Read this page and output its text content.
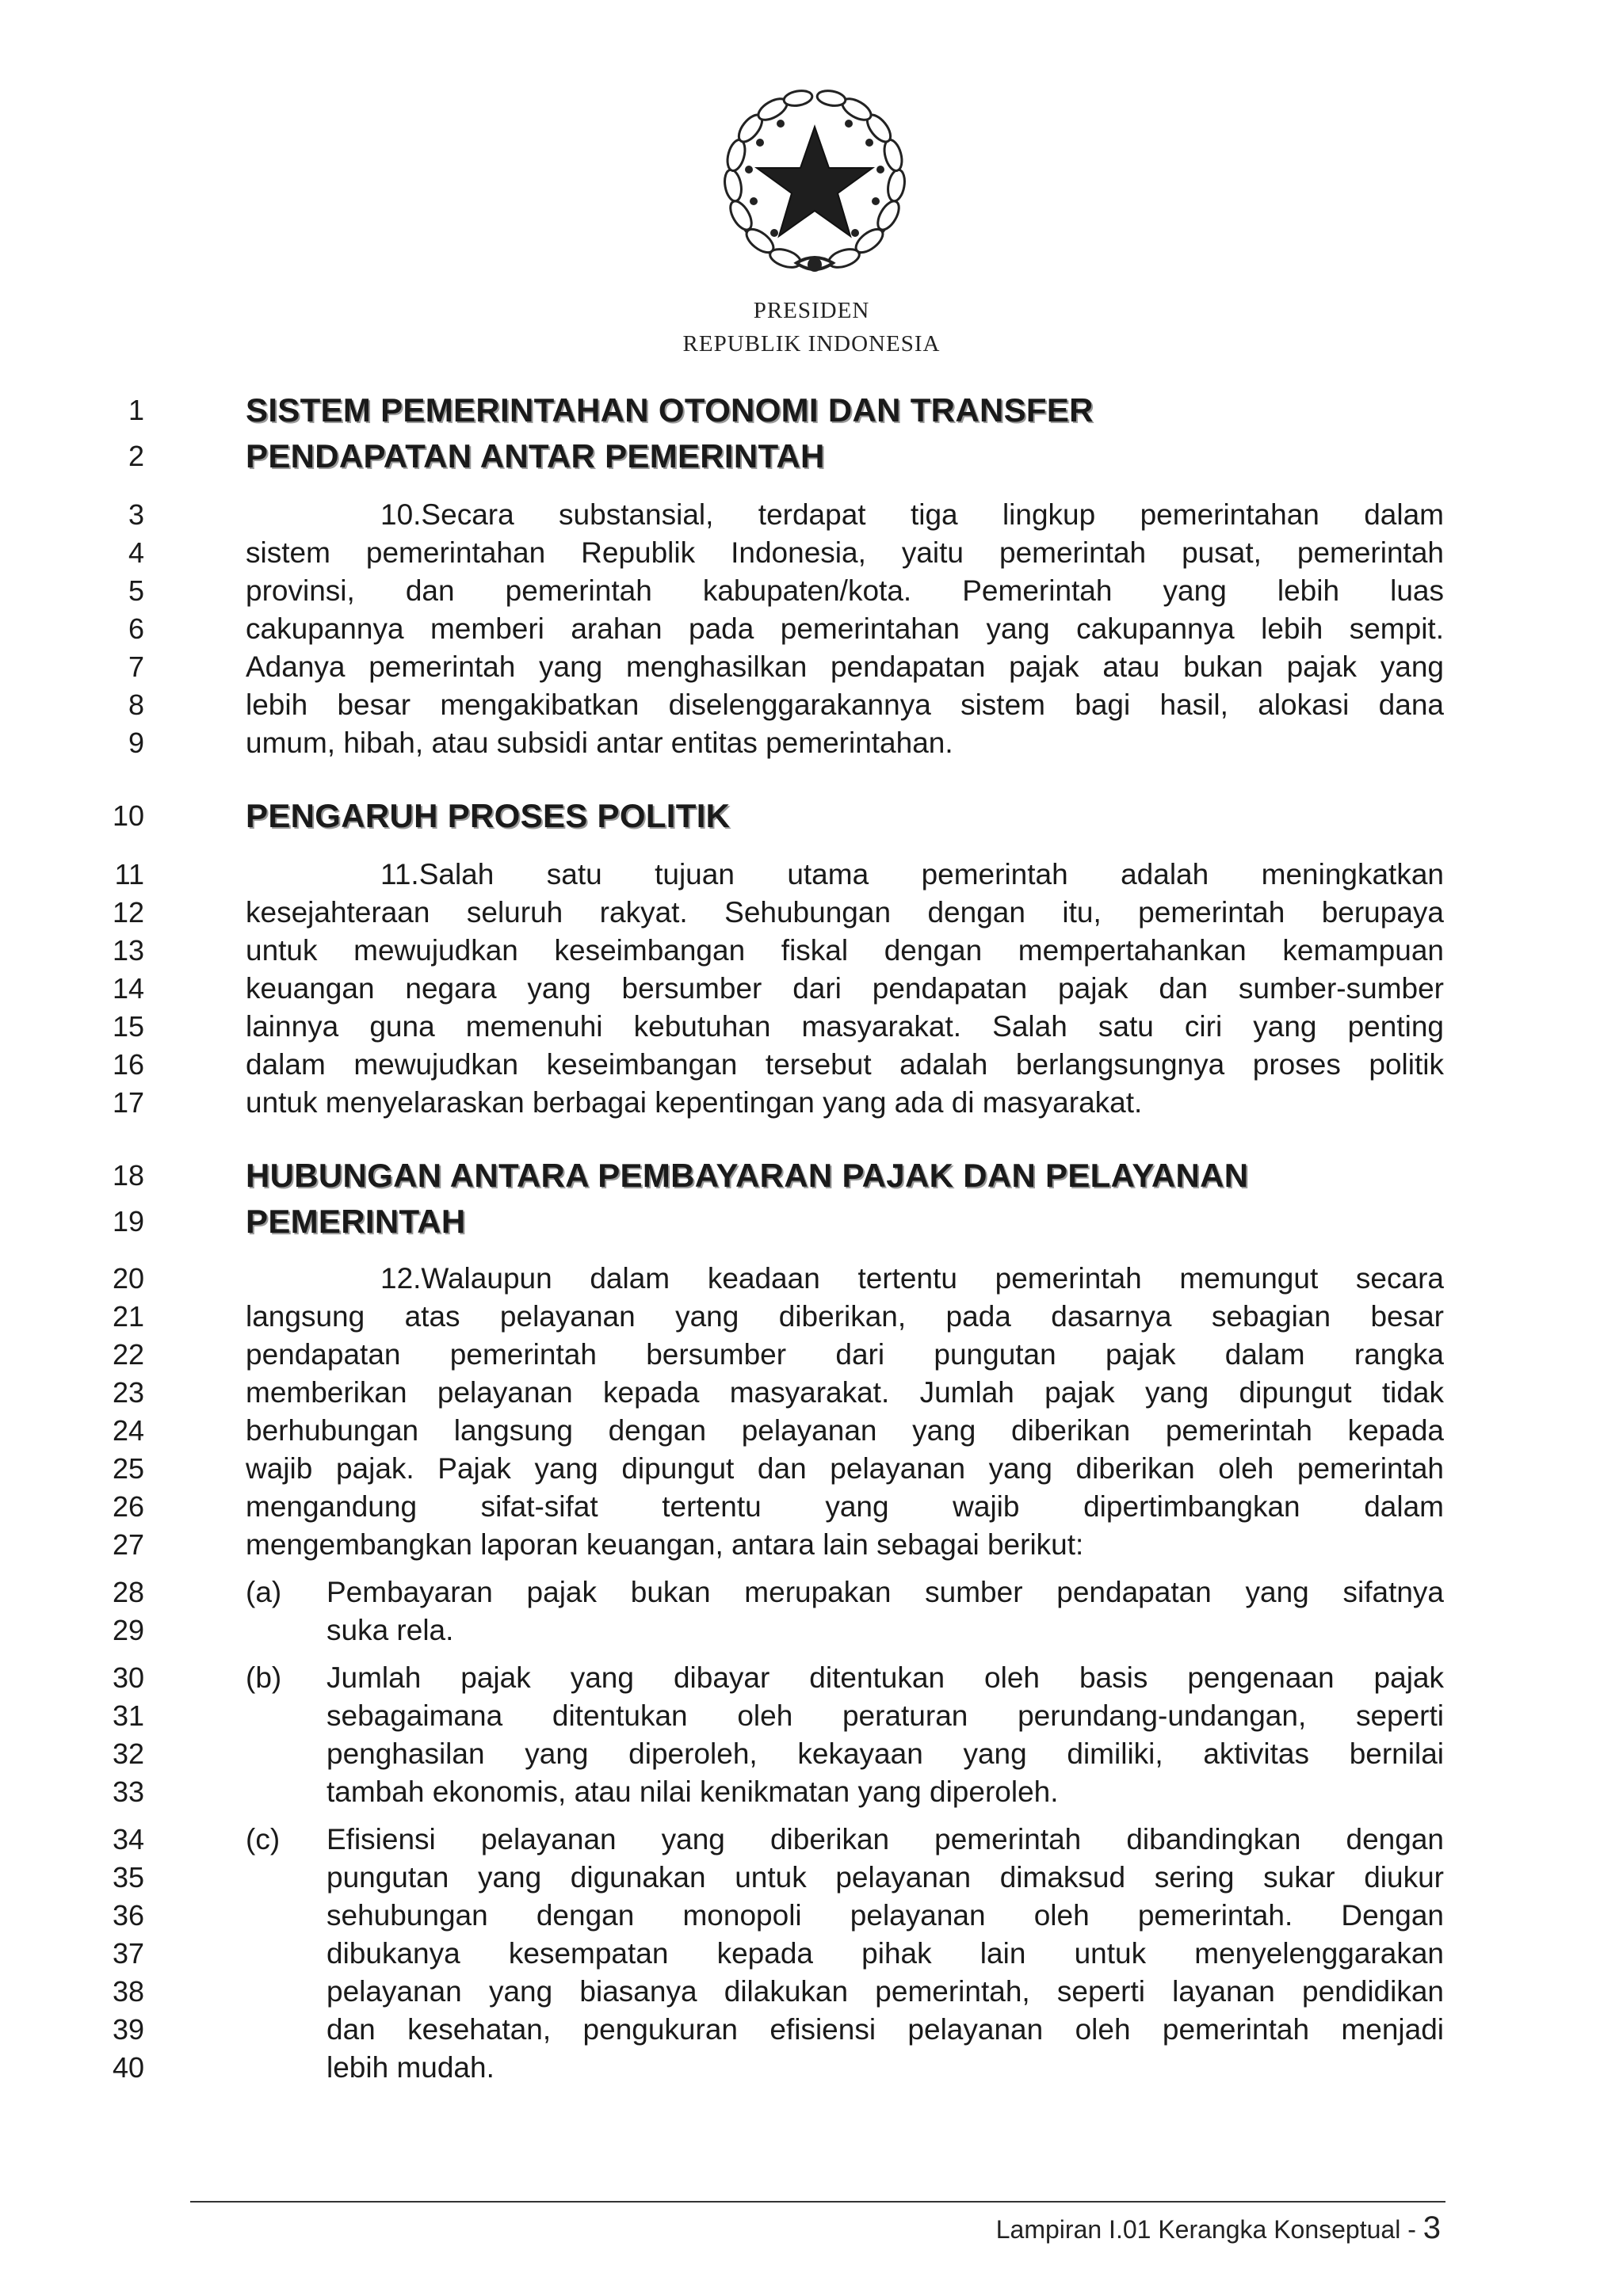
PRESIDEN
REPUBLIK INDONESIA
1	SISTEM PEMERINTAHAN OTONOMI DAN TRANSFER
2	PENDAPATAN ANTAR PEMERINTAH
3	10.Secara substansial, terdapat tiga lingkup pemerintahan dalam
4	sistem pemerintahan Republik Indonesia, yaitu pemerintah pusat, pemerintah
5	provinsi, dan pemerintah kabupaten/kota. Pemerintah yang lebih luas
6	cakupannya memberi arahan pada pemerintahan yang cakupannya lebih sempit.
7	Adanya pemerintah yang menghasilkan pendapatan pajak atau bukan pajak yang
8	lebih besar mengakibatkan diselenggarakannya sistem bagi hasil, alokasi dana
9	umum, hibah, atau subsidi antar entitas pemerintahan.
10	PENGARUH PROSES POLITIK
11	11.Salah satu tujuan utama pemerintah adalah meningkatkan
12	kesejahteraan seluruh rakyat. Sehubungan dengan itu, pemerintah berupaya
13	untuk mewujudkan keseimbangan fiskal dengan mempertahankan kemampuan
14	keuangan negara yang bersumber dari pendapatan pajak dan sumber-sumber
15	lainnya guna memenuhi kebutuhan masyarakat. Salah satu ciri yang penting
16	dalam mewujudkan keseimbangan tersebut adalah berlangsungnya proses politik
17	untuk menyelaraskan berbagai kepentingan yang ada di masyarakat.
18	HUBUNGAN ANTARA PEMBAYARAN PAJAK DAN PELAYANAN
19	PEMERINTAH
20	12.Walaupun dalam keadaan tertentu pemerintah memungut secara
21	langsung atas pelayanan yang diberikan, pada dasarnya sebagian besar
22	pendapatan pemerintah bersumber dari pungutan pajak dalam rangka
23	memberikan pelayanan kepada masyarakat. Jumlah pajak yang dipungut tidak
24	berhubungan langsung dengan pelayanan yang diberikan pemerintah kepada
25	wajib pajak. Pajak yang dipungut dan pelayanan yang diberikan oleh pemerintah
26	mengandung sifat-sifat tertentu yang wajib dipertimbangkan dalam
27	mengembangkan laporan keuangan, antara lain sebagai berikut:
28	(a) Pembayaran pajak bukan merupakan sumber pendapatan yang sifatnya
29	suka rela.
30	(b) Jumlah pajak yang dibayar ditentukan oleh basis pengenaan pajak
31	sebagaimana ditentukan oleh peraturan perundang-undangan, seperti
32	penghasilan yang diperoleh, kekayaan yang dimiliki, aktivitas bernilai
33	tambah ekonomis, atau nilai kenikmatan yang diperoleh.
34	(c) Efisiensi pelayanan yang diberikan pemerintah dibandingkan dengan
35	pungutan yang digunakan untuk pelayanan dimaksud sering sukar diukur
36	sehubungan dengan monopoli pelayanan oleh pemerintah. Dengan
37	dibukanya kesempatan kepada pihak lain untuk menyelenggarakan
38	pelayanan yang biasanya dilakukan pemerintah, seperti layanan pendidikan
39	dan kesehatan, pengukuran efisiensi pelayanan oleh pemerintah menjadi
40	lebih mudah.
Lampiran I.01 Kerangka Konseptual - 3
